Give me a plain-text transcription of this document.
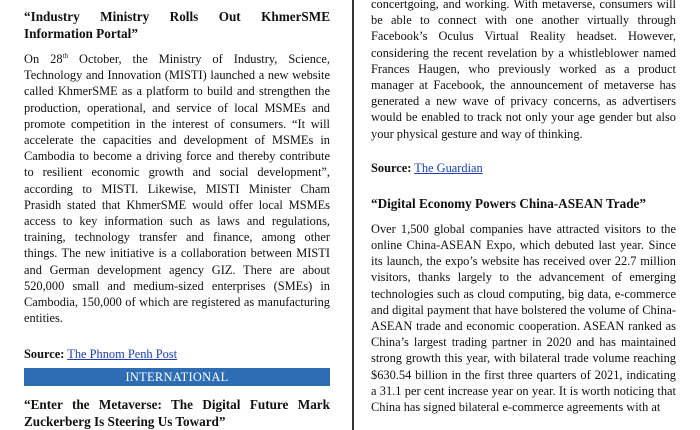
“Industry Ministry Rolls Out KhmerSME Information Portal”

On 28th October, the Ministry of Industry, Science, Technology and Innovation (MISTI) launched a new website called KhmerSME as a platform to build and strengthen the production, operational, and service of local MSMEs and promote competition in the interest of consumers. “It will accelerate the capacities and development of MSMEs in Cambodia to become a driving force and thereby contribute to resilient economic growth and social development”, according to MISTI. Likewise, MISTI Minister Cham Prasidh stated that KhmerSME would offer local MSMEs access to key information such as laws and regulations, training, technology transfer and finance, among other things. The new initiative is a collaboration between MISTI and German development agency GIZ. There are about 520,000 small and medium-sized enterprises (SMEs) in Cambodia, 150,000 of which are registered as manufacturing entities.

Source: The Phnom Penh Post

INTERNATIONAL

“Enter the Metaverse: The Digital Future Mark Zuckerberg Is Steering Us Toward”

concertgoing, and working. With metaverse, consumers will be able to connect with one another virtually through Facebook’s Oculus Virtual Reality headset. However, considering the recent revelation by a whistleblower named Frances Haugen, who previously worked as a product manager at Facebook, the announcement of metaverse has generated a new wave of privacy concerns, as advertisers would be enabled to track not only your age gender but also your physical gesture and way of thinking.

Source: The Guardian

“Digital Economy Powers China-ASEAN Trade”

Over 1,500 global companies have attracted visitors to the online China-ASEAN Expo, which debuted last year. Since its launch, the expo’s website has received over 22.7 million visitors, thanks largely to the advancement of emerging technologies such as cloud computing, big data, e-commerce and digital payment that have bolstered the volume of China-ASEAN trade and economic cooperation. ASEAN ranked as China’s largest trading partner in 2020 and has maintained strong growth this year, with bilateral trade volume reaching $630.54 billion in the first three quarters of 2021, indicating a 31.1 per cent increase year on year. It is worth noticing that China has signed bilateral e-commerce agreements with at
